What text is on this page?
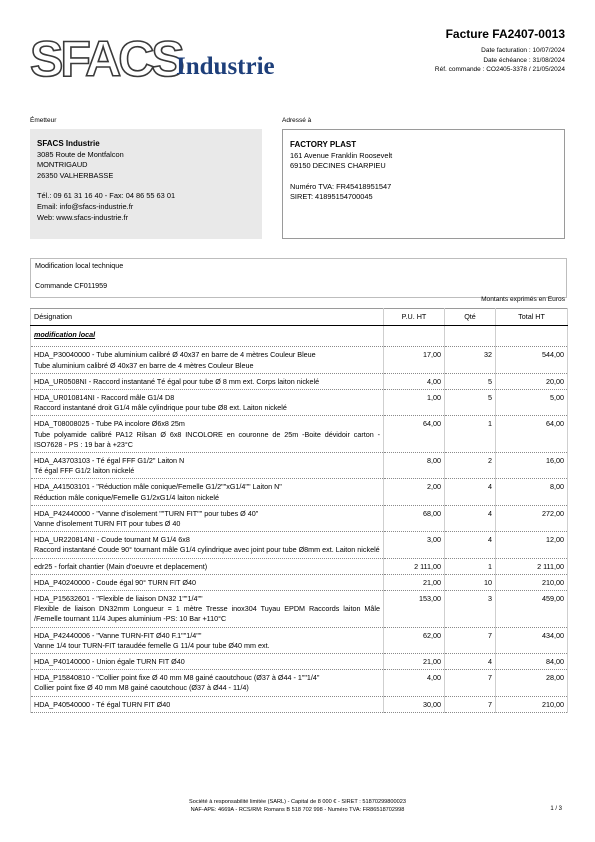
SFACS
Industrie
Facture FA2407-0013
Date facturation : 10/07/2024
Date échéance : 31/08/2024
Réf. commande : CO2405-3378 / 21/05/2024
Émetteur	Adressé à
SFACS Industrie
3085 Route de Montfalcon
MONTRIGAUD
26350 VALHERBASSE
Tél.: 09 61 31 16 40 - Fax: 04 86 55 63 01
Email: info@sfacs-industrie.fr
Web: www.sfacs-industrie.fr
FACTORY PLAST
161 Avenue Franklin Roosevelt
69150 DECINES CHARPIEU
Numéro TVA: FR45418951547
SIRET: 41895154700045
Modification local technique
Commande CF011959
Montants exprimés en Euros
Désignation	P.U. HT	Qté	Total HT
modification local			

HDA_P30040000 - Tube aluminium calibré Ø 40x37 en barre de 4 mètres Couleur Bleue
Tube aluminium calibré Ø 40x37 en barre de 4 mètres Couleur Bleue	17,00	32	544,00

HDA_UR0508NI - Raccord instantané Té égal pour tube Ø 8 mm ext. Corps laiton nickelé	4,00	5	20,00

HDA_UR010814NI - Raccord mâle G1/4 D8
Raccord instantané droit G1/4 mâle cylindrique pour tube Ø8 ext. Laiton nickelé	1,00	5	5,00

HDA_T08008025 - Tube PA incolore Ø6x8 25m
Tube polyamide calibré PA12 Rilsan Ø 6x8 INCOLORE en couronne de 25m -Boite dévidoir carton - ISO7628 - PS : 19 bar à +23°C	64,00	1	64,00

HDA_A43703103 - Té égal FFF G1/2" Laiton N
Té égal FFF G1/2 laiton nickelé	8,00	2	16,00

HDA_A41503101 - "Réduction mâle conique/Femelle G1/2""xG1/4"" Laiton N"
Réduction mâle conique/Femelle G1/2xG1/4 laiton nickelé	2,00	4	8,00

HDA_P42440000 - "Vanne d'isolement ""TURN FIT"" pour tubes Ø 40"
Vanne d'isolement TURN FIT pour tubes Ø 40	68,00	4	272,00

HDA_UR220814NI - Coude tournant M G1/4 6x8
Raccord instantané Coude 90° tournant mâle G1/4 cylindrique avec joint pour tube Ø8mm ext. Laiton nickelé	3,00	4	12,00

edr25 - forfait chantier (Main d'oeuvre et deplacement)	2 111,00	1	2 111,00

HDA_P40240000 - Coude égal 90° TURN FIT Ø40	21,00	10	210,00

HDA_P15632601 - "Flexible de liaison DN32 1""1/4""
Flexible de liaison DN32mm Longueur = 1 mètre Tresse inox304 Tuyau EPDM Raccords laiton Mâle /Femelle tournant 11/4 Jupes aluminium -PS: 10 Bar +110°C	153,00	3	459,00

HDA_P42440006 - "Vanne TURN-FIT Ø40 F.1""1/4""
Vanne 1/4 tour TURN-FIT taraudée femelle G 11/4 pour tube Ø40 mm ext.	62,00	7	434,00

HDA_P40140000 - Union égale TURN FIT Ø40	21,00	4	84,00

HDA_P15840810 - "Collier point fixe Ø 40 mm M8 gainé caoutchouc (Ø37 à Ø44 - 1""1/4"
Collier point fixe Ø 40 mm M8 gainé caoutchouc (Ø37 à Ø44 - 11/4)	4,00	7	28,00

HDA_P40540000 - Té égal TURN FIT Ø40	30,00	7	210,00
Société à responsabilité limitée (SARL) - Capital de 8 000 € - SIRET : 51870299800023
NAF-APE: 4669A - RCS/RM: Romans B 518 702 998 - Numéro TVA: FR86518702998	1 / 3
